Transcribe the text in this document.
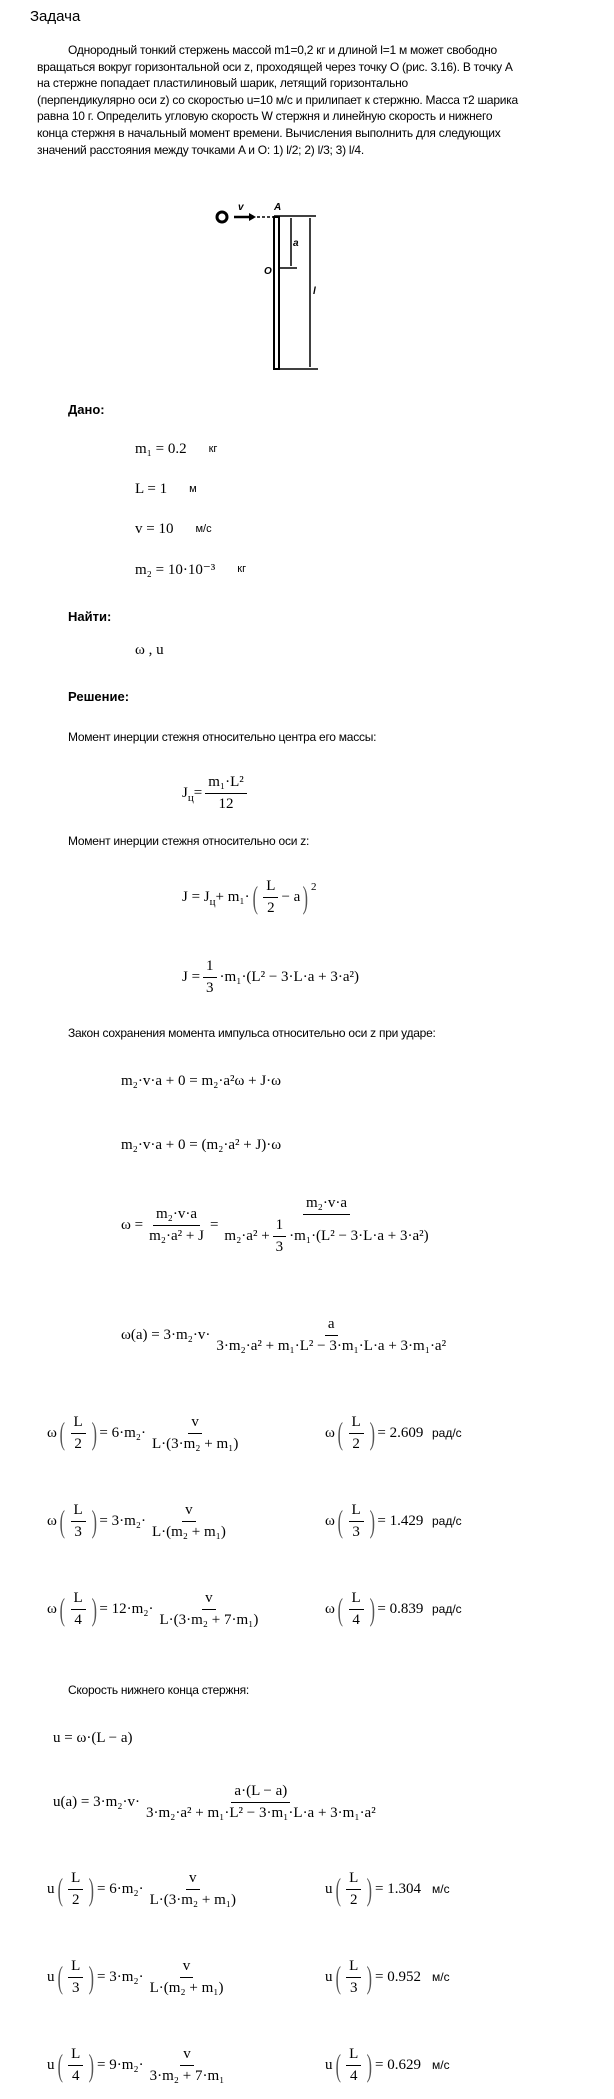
Задача
Однородный тонкий стержень массой m1=0,2 кг и длиной l=1 м может свободно
вращаться вокруг горизонтальной оси z, проходящей через точку O (рис. 3.16). В точку A
на стержне попадает пластилиновый шарик, летящий горизонтально
(перпендикулярно оси z) со скоростью u=10 м/с и прилипает к стержню. Масса т2 шарика
равна 10 г. Определить угловую скорость W стержня и линейную скорость и нижнего
конца стержня в начальный момент времени. Вычисления выполнить для следующих
значений расстояния между точками A и O: 1) l/2; 2) l/3; 3) l/4.
v	A
a
O
l
Дано:
m₁ = 0.2 кг
L = 1 м
v = 10 м/с
m₂ = 10·10⁻³ кг
Найти:
ω , u
Решение:
Момент инерции стежня относительно центра его массы:
J $ц = \frac{\text{m₁·L²}}{12}$
Момент инерции стежня относительно оси z:
J = J ц + m₁· ( $\frac{L}{2} - a$ ) 2
$J = \frac{1}{3} \cdot m_1\cdot(L^2 - 3\cdot L\cdot a + 3\cdot a^2)$
Закон сохранения момента импульса относительно оси z при ударе:
m₂·v·a + 0 = m₂·a²ω + J·ω
m₂·v·a + 0 = (m₂·a² + J)·ω
$\omega = \frac{\text{m₂·v·a}}{\text{m₂·a² + J}} = \frac{\text{m₂·v·a}}{m_2\cdot a^2 + \frac{1}{3} \cdot m_1\cdot(L^2 - 3\cdot L\cdot a + 3\cdot a^2)}$
$\omega(a) = 3\cdot m_2\cdot v\cdot \frac{a}{\text{3·m₂·a² + m₁·L² − 3·m₁·L·a + 3·m₁·a²}}$
ω ( $\frac{L}{2}$ ) = $6\cdot m_2\cdot \frac{v}{\text{L·(3·m₂ + m₁)}}$	ω ( $\frac{L}{2}$ ) = 2.609 рад/с
ω ( $\frac{L}{3}$ ) = $3\cdot m_2\cdot \frac{v}{\text{L·(m₂ + m₁)}}$	ω ( $\frac{L}{3}$ ) = 1.429 рад/с
ω ( $\frac{L}{4}$ ) = $12\cdot m_2\cdot \frac{v}{\text{L·(3·m₂ + 7·m₁)}}$	ω ( $\frac{L}{4}$ ) = 0.839 рад/с
Скорость нижнего конца стержня:
u = ω·(L − a)
$u(a) = 3\cdot m_2\cdot v\cdot \frac{a\cdot(L - a)}{\text{3·m₂·a² + m₁·L² − 3·m₁·L·a + 3·m₁·a²}}$
u ( $\frac{L}{2}$ ) = $6\cdot m_2\cdot \frac{v}{\text{L·(3·m₂ + m₁)}}$	u ( $\frac{L}{2}$ ) = 1.304 м/с
u ( $\frac{L}{3}$ ) = $3\cdot m_2\cdot \frac{v}{\text{L·(m₂ + m₁)}}$	u ( $\frac{L}{3}$ ) = 0.952 м/с
u ( $\frac{L}{4}$ ) = $9\cdot m_2\cdot \frac{v}{\text{3·m₂ + 7·m₁}}$	u ( $\frac{L}{4}$ ) = 0.629 м/с
